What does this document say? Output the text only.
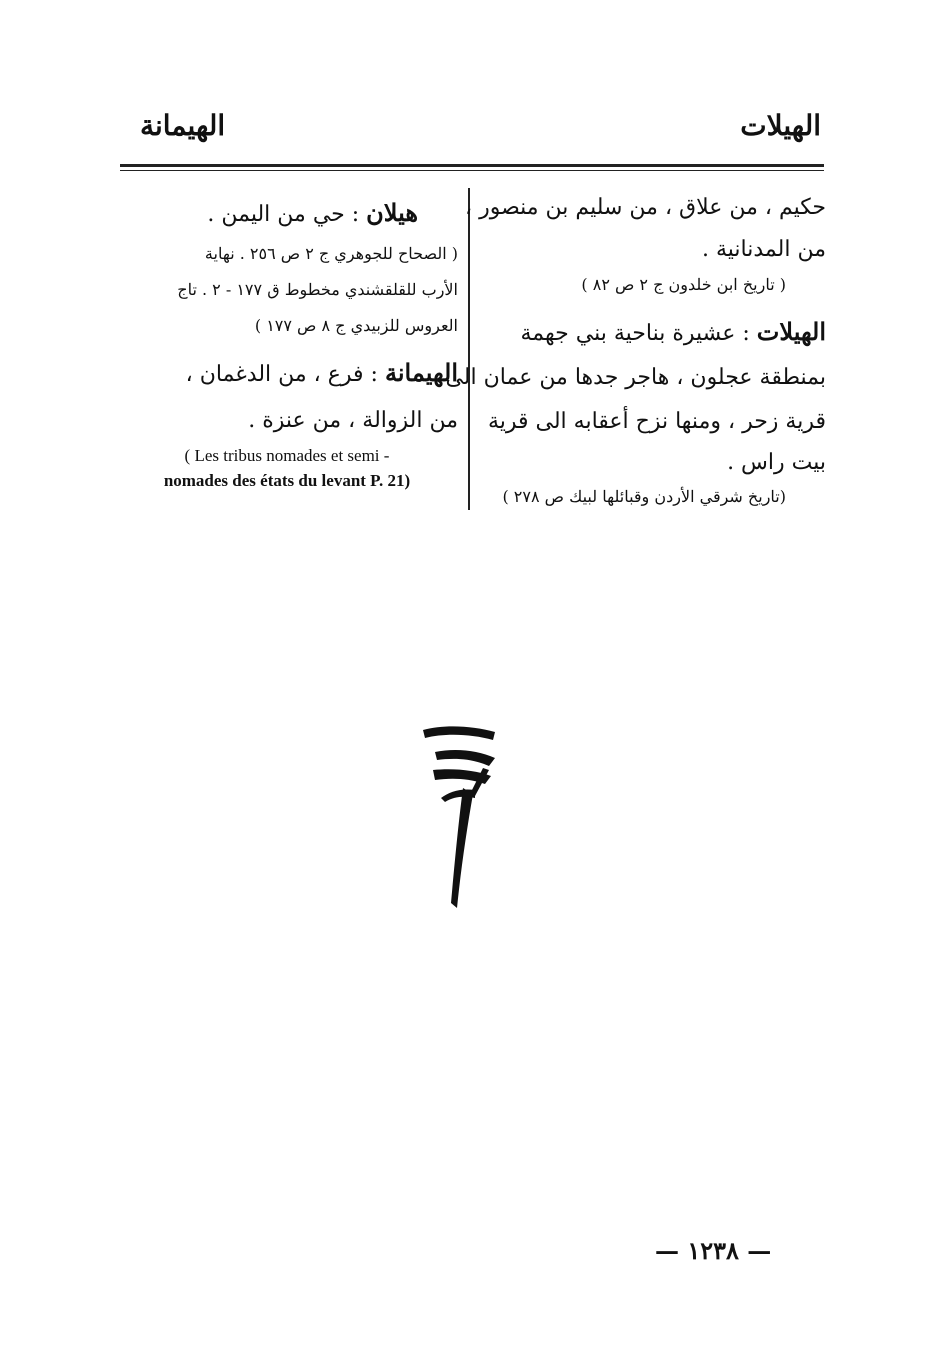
الهيلات
الهيمانة
حكيم ، من علاق ، من سليم بن منصور ،
من المدنانية .
( تاريخ ابن خلدون ج ٢ ص ٨٢ )
الهيلات : عشيرة بناحية بني جهمة
بمنطقة عجلون ، هاجر جدها من عمان الى
قرية زحر ، ومنها نزح أعقابه الى قرية
بيت راس .
(تاريخ شرقي الأردن وقبائلها لبيك ص ٢٧٨ )
هيلان : حي من اليمن .
( الصحاح للجوهري ج ٢ ص ٢٥٦ . نهاية
الأرب للقلقشندي مخطوط ق ١٧٧ - ٢ . تاج
العروس للزبيدي ج ٨ ص ١٧٧ )
الهيمانة : فرع ، من الدغمان ،
من الزوالة ، من عنزة .
( Les tribus nomades et semi -
nomades des états du levant P. 21)
— ١٢٣٨ —
